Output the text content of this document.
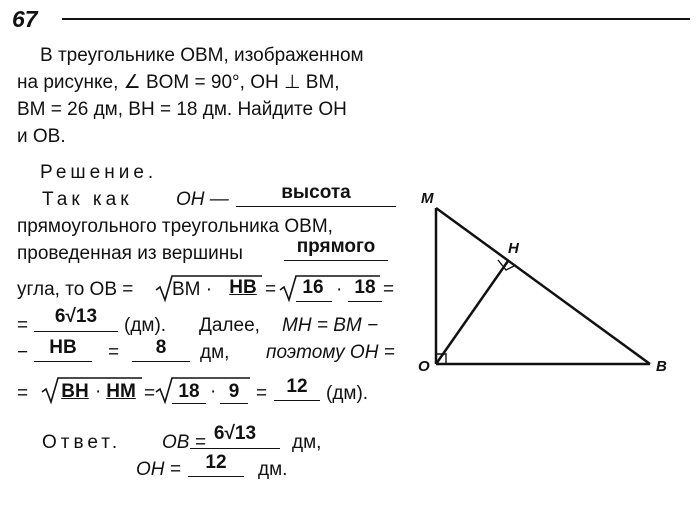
67
В треугольнике OBM, изображенном
на рисунке, ∠ BOM = 90°, OH ⊥ BM,
BM = 26 дм, BH = 18 дм. Найдите OH
и OB.
Решение.
Так как OH —	высота
прямоугольного треугольника OBM,
проведенная из вершины	прямого
угла, то OB = BM · HB = 16 · 18 =
=	6√13	(дм). Далее, MH = BM −
−	HB	=	8	дм, поэтому OH =
= BH · HM =	18 · 9 =	12 (дм).
Ответ. OB = 6√13	дм,
OH =	12	дм.
M
H
O	B
